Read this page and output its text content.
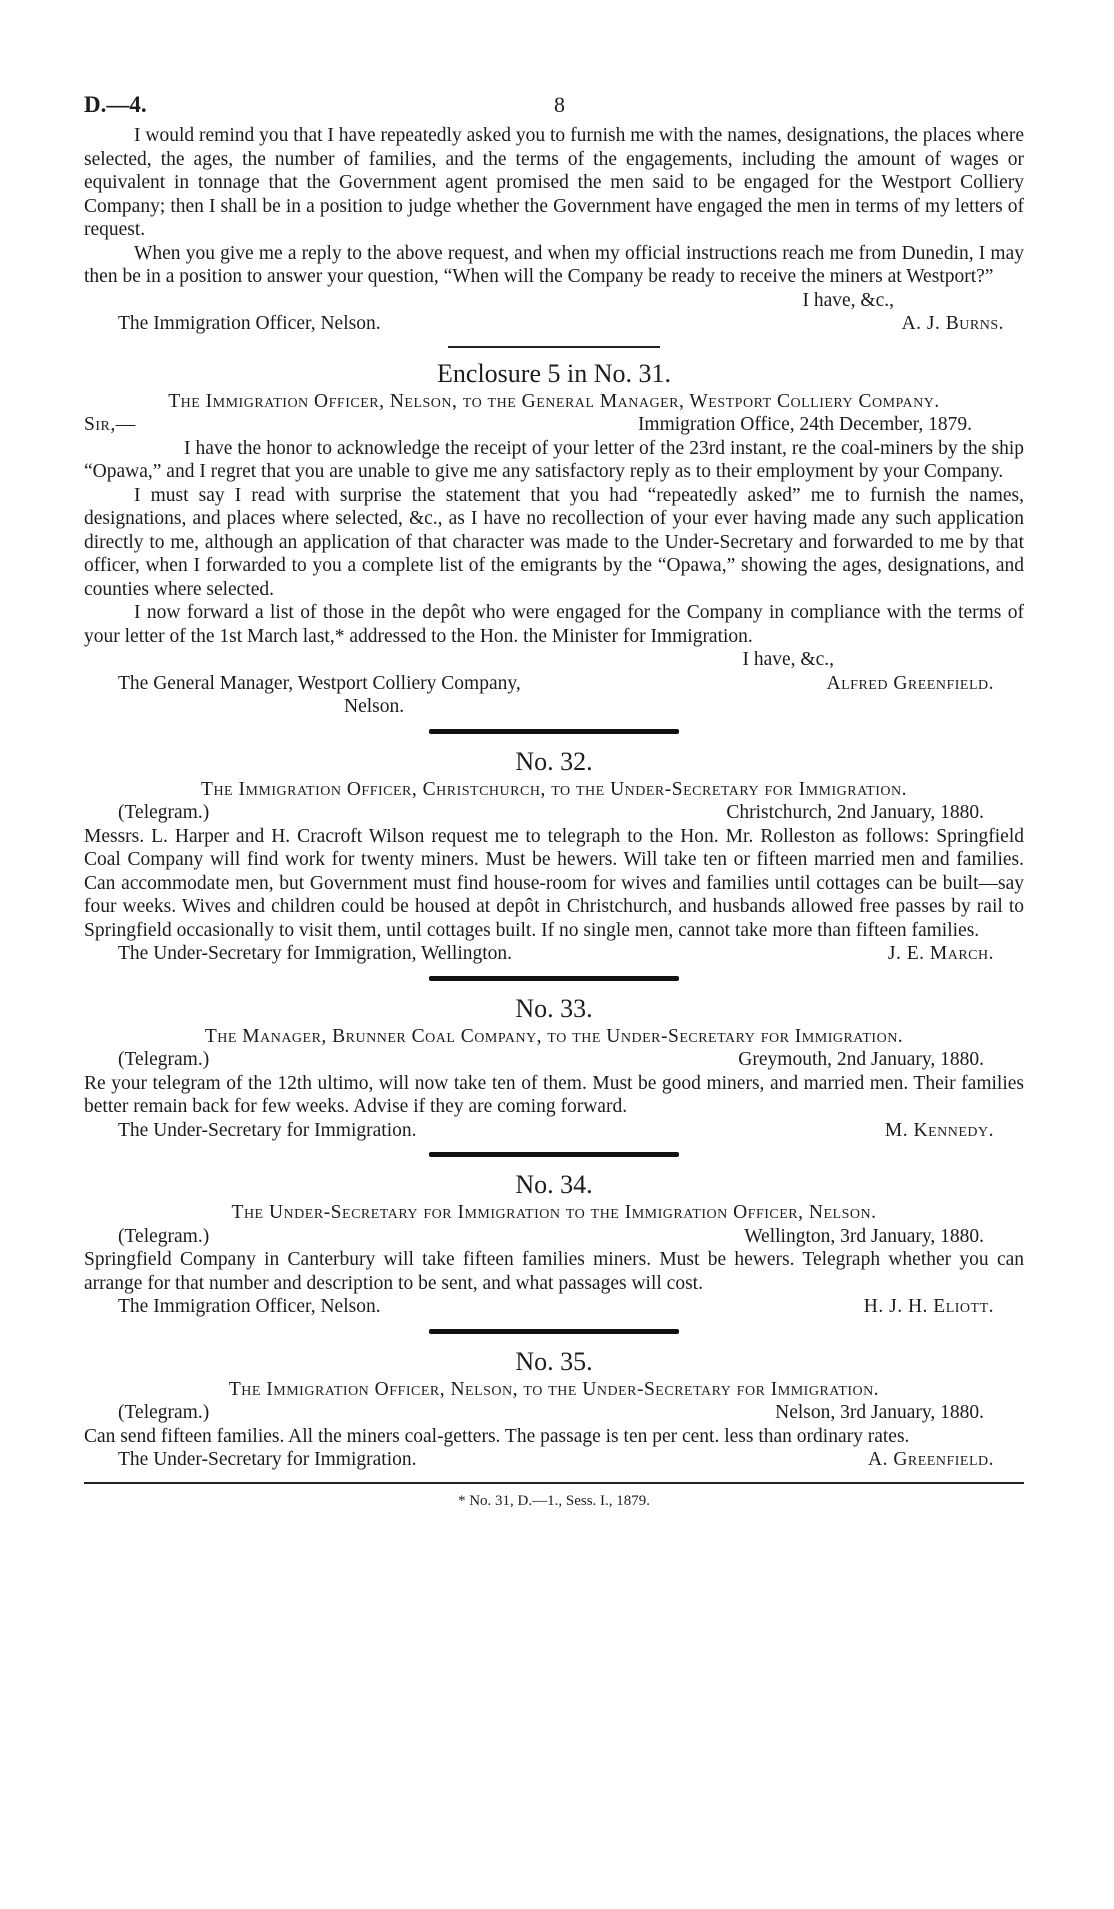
D.—4.	8

I would remind you that I have repeatedly asked you to furnish me with the names, designations, the places where selected, the ages, the number of families, and the terms of the engagements, including the amount of wages or equivalent in tonnage that the Government agent promised the men said to be engaged for the Westport Colliery Company; then I shall be in a position to judge whether the Government have engaged the men in terms of my letters of request.

When you give me a reply to the above request, and when my official instructions reach me from Dunedin, I may then be in a position to answer your question, “When will the Company be ready to receive the miners at Westport?”

I have, &c.,
The Immigration Officer, Nelson.	A. J. Burns.
Enclosure 5 in No. 31.

The Immigration Officer, Nelson, to the General Manager, Westport Colliery Company.

Sir,—	Immigration Office, 24th December, 1879.

I have the honor to acknowledge the receipt of your letter of the 23rd instant, re the coal-miners by the ship “Opawa,” and I regret that you are unable to give me any satisfactory reply as to their employment by your Company.

I must say I read with surprise the statement that you had “repeatedly asked” me to furnish the names, designations, and places where selected, &c., as I have no recollection of your ever having made any such application directly to me, although an application of that character was made to the Under-Secretary and forwarded to me by that officer, when I forwarded to you a complete list of the emigrants by the “Opawa,” showing the ages, designations, and counties where selected.

I now forward a list of those in the depôt who were engaged for the Company in compliance with the terms of your letter of the 1st March last,* addressed to the Hon. the Minister for Immigration.

I have, &c.,
The General Manager, Westport Colliery Company,	Alfred Greenfield.
Nelson.
No. 32.

The Immigration Officer, Christchurch, to the Under-Secretary for Immigration.

(Telegram.)	Christchurch, 2nd January, 1880.

Messrs. L. Harper and H. Cracroft Wilson request me to telegraph to the Hon. Mr. Rolleston as follows: Springfield Coal Company will find work for twenty miners. Must be hewers. Will take ten or fifteen married men and families. Can accommodate men, but Government must find house-room for wives and families until cottages can be built—say four weeks. Wives and children could be housed at depôt in Christchurch, and husbands allowed free passes by rail to Springfield occasionally to visit them, until cottages built. If no single men, cannot take more than fifteen families.

The Under-Secretary for Immigration, Wellington.	J. E. March.
No. 33.

The Manager, Brunner Coal Company, to the Under-Secretary for Immigration.

(Telegram.)	Greymouth, 2nd January, 1880.

Re your telegram of the 12th ultimo, will now take ten of them. Must be good miners, and married men. Their families better remain back for few weeks. Advise if they are coming forward.

The Under-Secretary for Immigration.	M. Kennedy.
No. 34.

The Under-Secretary for Immigration to the Immigration Officer, Nelson.

(Telegram.)	Wellington, 3rd January, 1880.

Springfield Company in Canterbury will take fifteen families miners. Must be hewers. Telegraph whether you can arrange for that number and description to be sent, and what passages will cost.

The Immigration Officer, Nelson.	H. J. H. Eliott.
No. 35.

The Immigration Officer, Nelson, to the Under-Secretary for Immigration.

(Telegram.)	Nelson, 3rd January, 1880.

Can send fifteen families. All the miners coal-getters. The passage is ten per cent. less than ordinary rates.

The Under-Secretary for Immigration.	A. Greenfield.
* No. 31, D.—1., Sess. I., 1879.
